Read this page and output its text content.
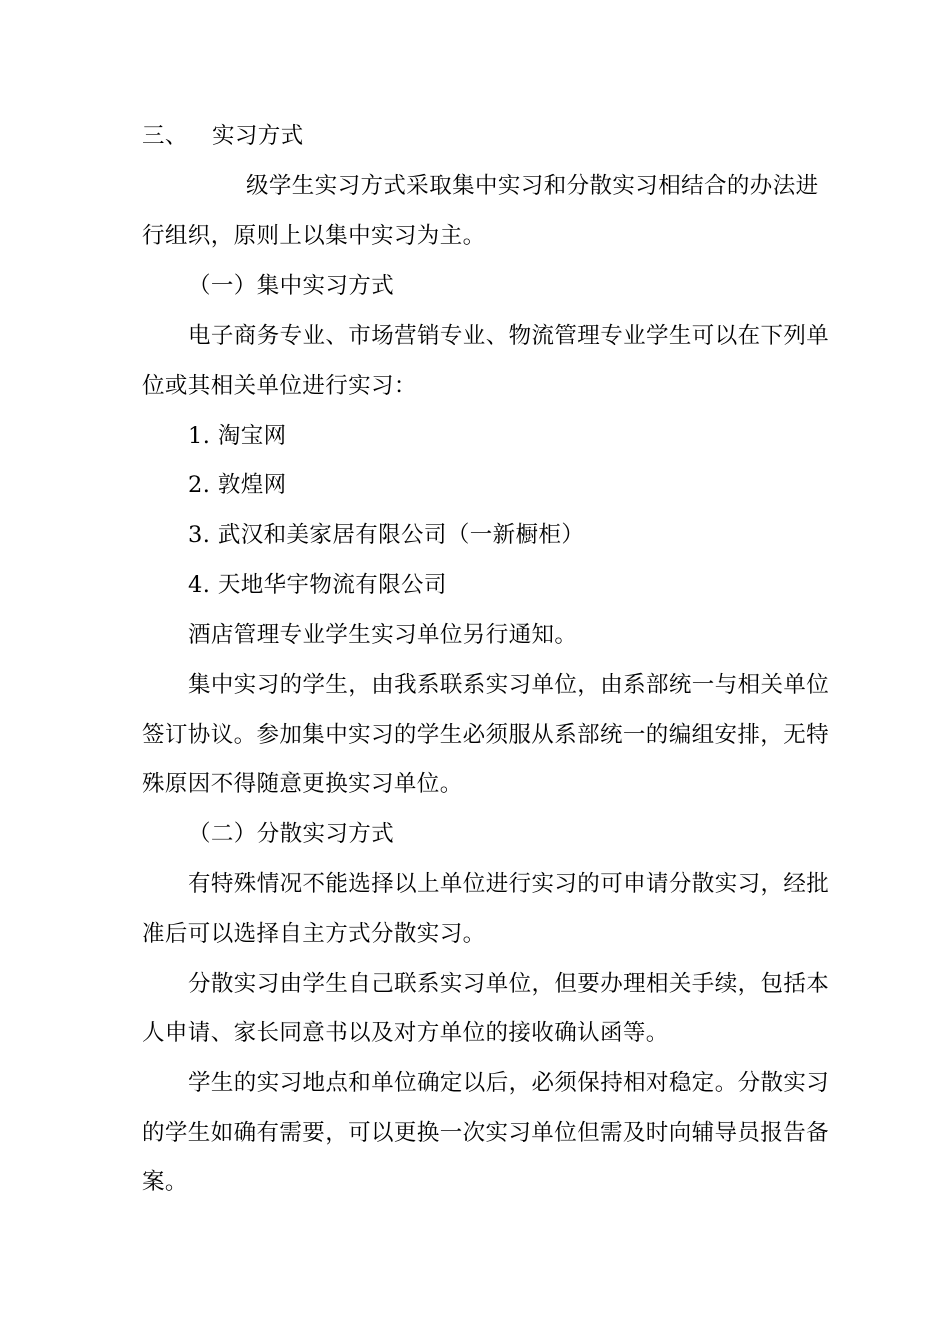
三、 实习方式
级学生实习方式采取集中实习和分散实习相结合的办法进
行组织，原则上以集中实习为主。
（一）集中实习方式
电子商务专业、市场营销专业、物流管理专业学生可以在下列单
位或其相关单位进行实习：
1. 淘宝网
2. 敦煌网
3. 武汉和美家居有限公司（一新橱柜）
4. 天地华宇物流有限公司
酒店管理专业学生实习单位另行通知。
集中实习的学生，由我系联系实习单位，由系部统一与相关单位
签订协议。参加集中实习的学生必须服从系部统一的编组安排，无特
殊原因不得随意更换实习单位。
（二）分散实习方式
有特殊情况不能选择以上单位进行实习的可申请分散实习，经批
准后可以选择自主方式分散实习。
分散实习由学生自己联系实习单位，但要办理相关手续，包括本
人申请、家长同意书以及对方单位的接收确认函等。
学生的实习地点和单位确定以后，必须保持相对稳定。分散实习
的学生如确有需要，可以更换一次实习单位但需及时向辅导员报告备
案。
